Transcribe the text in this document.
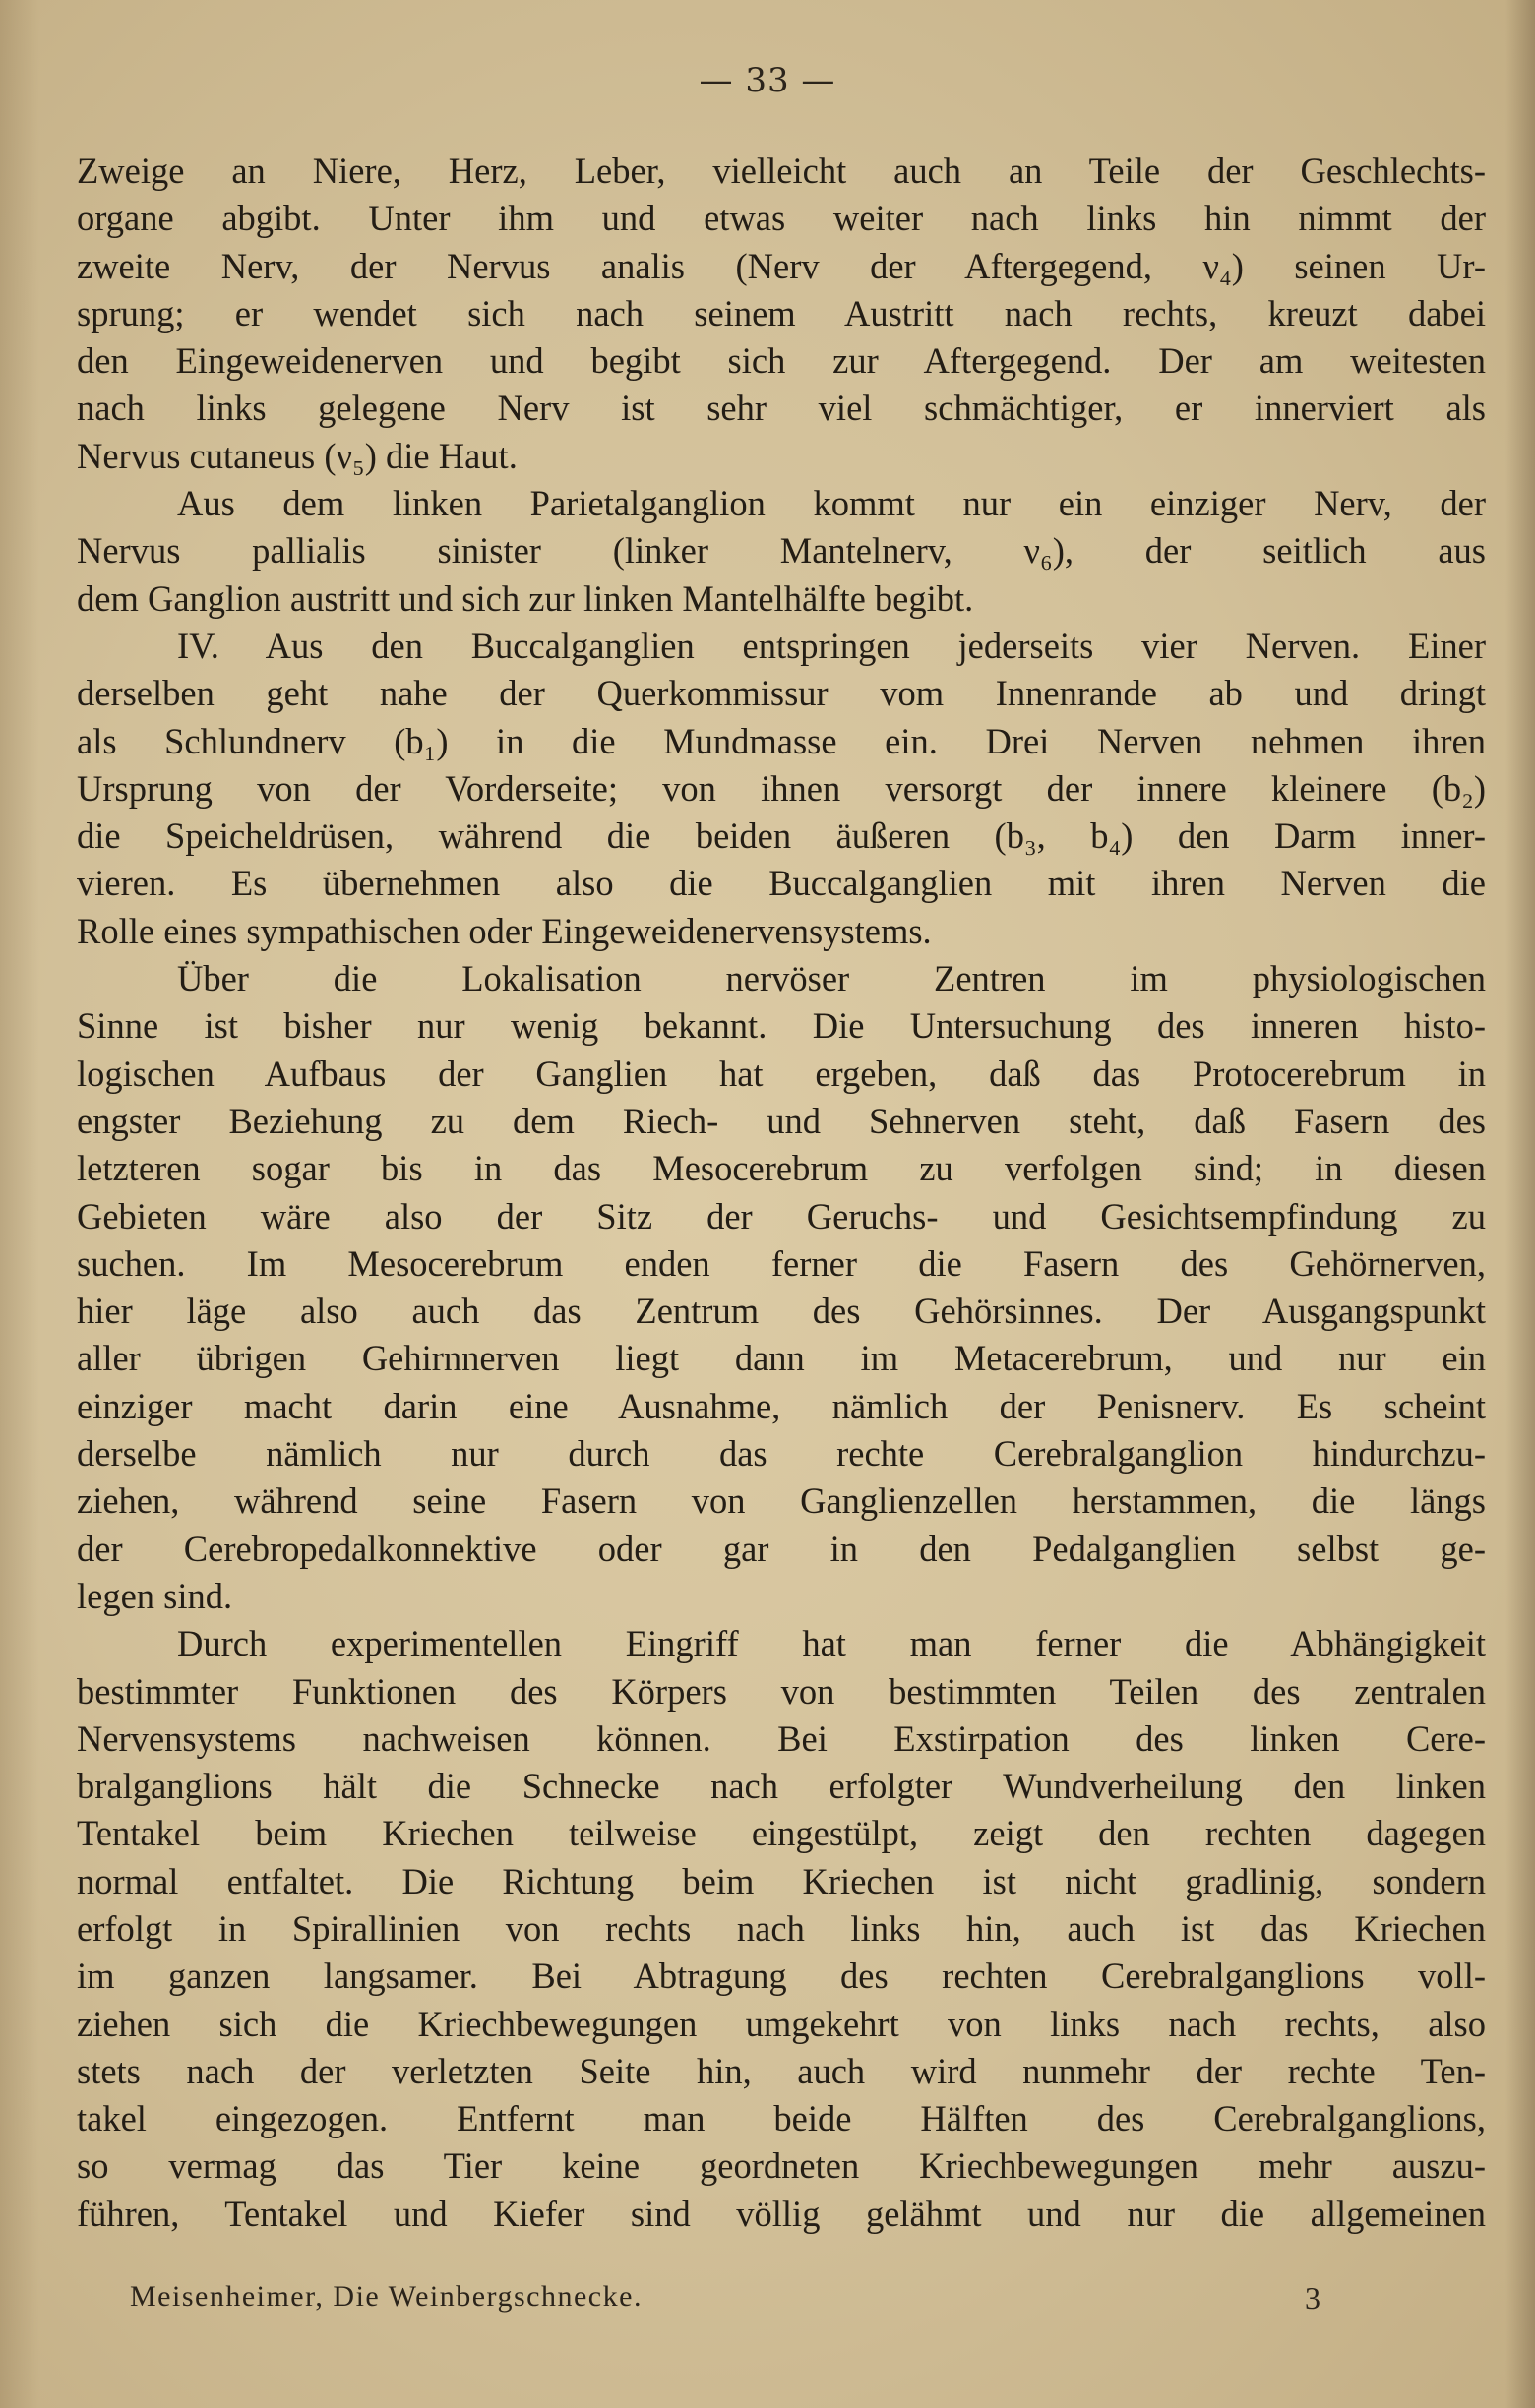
— 33 —
Zweige an Niere, Herz, Leber, vielleicht auch an Teile der Geschlechts-
organe abgibt. Unter ihm und etwas weiter nach links hin nimmt der
zweite Nerv, der Nervus analis (Nerv der Aftergegend, ν₄) seinen Ur-
sprung; er wendet sich nach seinem Austritt nach rechts, kreuzt dabei
den Eingeweidenerven und begibt sich zur Aftergegend. Der am weitesten
nach links gelegene Nerv ist sehr viel schmächtiger, er innerviert als
Nervus cutaneus (ν₅) die Haut.
Aus dem linken Parietalganglion kommt nur ein einziger Nerv, der
Nervus pallialis sinister (linker Mantelnerv, ν₆), der seitlich aus
dem Ganglion austritt und sich zur linken Mantelhälfte begibt.
IV. Aus den Buccalganglien entspringen jederseits vier Nerven. Einer
derselben geht nahe der Querkommissur vom Innenrande ab und dringt
als Schlundnerv (b₁) in die Mundmasse ein. Drei Nerven nehmen ihren
Ursprung von der Vorderseite; von ihnen versorgt der innere kleinere (b₂)
die Speicheldrüsen, während die beiden äußeren (b₃, b₄) den Darm inner-
vieren. Es übernehmen also die Buccalganglien mit ihren Nerven die
Rolle eines sympathischen oder Eingeweidenervensystems.
Über die Lokalisation nervöser Zentren im physiologischen
Sinne ist bisher nur wenig bekannt. Die Untersuchung des inneren histo-
logischen Aufbaus der Ganglien hat ergeben, daß das Protocerebrum in
engster Beziehung zu dem Riech- und Sehnerven steht, daß Fasern des
letzteren sogar bis in das Mesocerebrum zu verfolgen sind; in diesen
Gebieten wäre also der Sitz der Geruchs- und Gesichtsempfindung zu
suchen. Im Mesocerebrum enden ferner die Fasern des Gehörnerven,
hier läge also auch das Zentrum des Gehörsinnes. Der Ausgangspunkt
aller übrigen Gehirnnerven liegt dann im Metacerebrum, und nur ein
einziger macht darin eine Ausnahme, nämlich der Penisnerv. Es scheint
derselbe nämlich nur durch das rechte Cerebralganglion hindurchzu-
ziehen, während seine Fasern von Ganglienzellen herstammen, die längs
der Cerebropedalkonnektive oder gar in den Pedalganglien selbst ge-
legen sind.
Durch experimentellen Eingriff hat man ferner die Abhängigkeit
bestimmter Funktionen des Körpers von bestimmten Teilen des zentralen
Nervensystems nachweisen können. Bei Exstirpation des linken Cere-
bralganglions hält die Schnecke nach erfolgter Wundverheilung den linken
Tentakel beim Kriechen teilweise eingestülpt, zeigt den rechten dagegen
normal entfaltet. Die Richtung beim Kriechen ist nicht gradlinig, sondern
erfolgt in Spirallinien von rechts nach links hin, auch ist das Kriechen
im ganzen langsamer. Bei Abtragung des rechten Cerebralganglions voll-
ziehen sich die Kriechbewegungen umgekehrt von links nach rechts, also
stets nach der verletzten Seite hin, auch wird nunmehr der rechte Ten-
takel eingezogen. Entfernt man beide Hälften des Cerebralganglions,
so vermag das Tier keine geordneten Kriechbewegungen mehr auszu-
führen, Tentakel und Kiefer sind völlig gelähmt und nur die allgemeinen
Meisenheimer, Die Weinbergschnecke.	3
